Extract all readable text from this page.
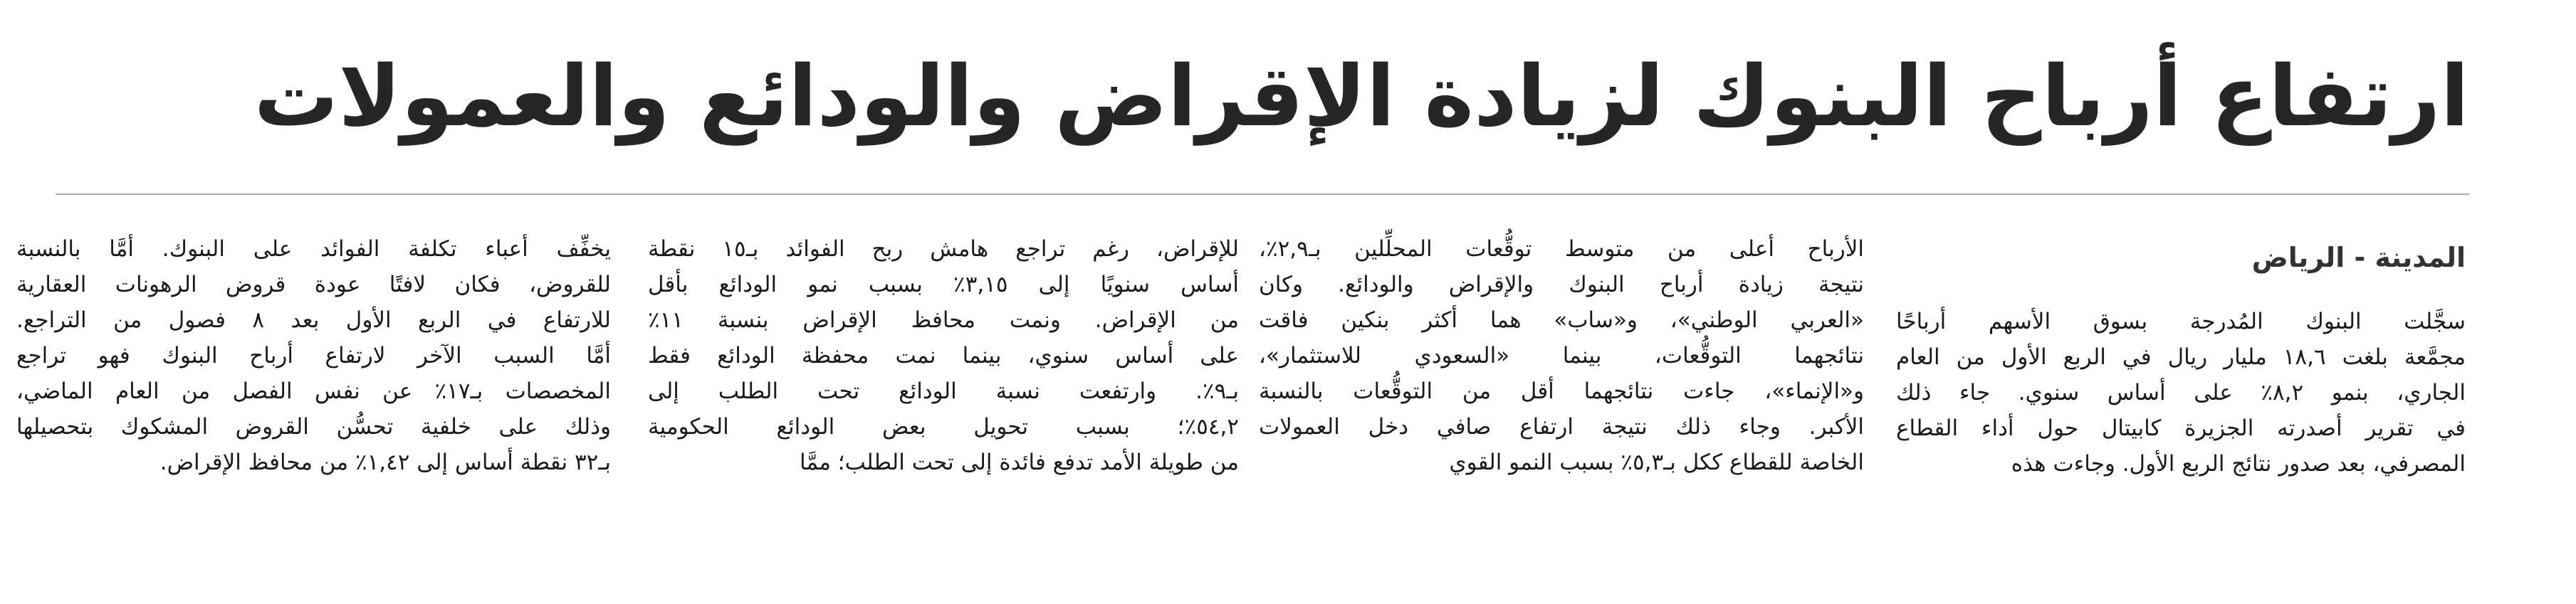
ارتفاع أرباح البنوك لزيادة الإقراض والودائع والعمولات
المدينة - الرياض

سجَّلت البنوك المُدرجة بسوق الأسهم أرباحًا

مجمَّعة بلغت ١٨,٦ مليار ريال في الربع الأول من العام

الجاري، بنمو ٨,٢٪ على أساس سنوي. جاء ذلك

في تقرير أصدرته الجزيرة كابيتال حول أداء القطاع

المصرفي، بعد صدور نتائج الربع الأول. وجاءت هذه

الأرباح أعلى من متوسط توقُّعات المحلِّلين بـ٢,٩٪،

نتيجة زيادة أرباح البنوك والإقراض والودائع. وكان

«العربي الوطني»، و«ساب» هما أكثر بنكين فاقت

نتائجهما التوقُّعات، بينما «السعودي للاستثمار»،

و«الإنماء»، جاءت نتائجهما أقل من التوقُّعات بالنسبة

الأكبر. وجاء ذلك نتيجة ارتفاع صافي دخل العمولات

الخاصة للقطاع ككل بـ٥,٣٪ بسبب النمو القوي

للإقراض، رغم تراجع هامش ربح الفوائد بـ١٥ نقطة

أساس سنويًا إلى ٣,١٥٪ بسبب نمو الودائع بأقل

من الإقراض. ونمت محافظ الإقراض بنسبة ١١٪

على أساس سنوي، بينما نمت محفظة الودائع فقط

بـ٩٪. وارتفعت نسبة الودائع تحت الطلب إلى

٥٤,٢٪؛ بسبب تحويل بعض الودائع الحكومية

من طويلة الأمد تدفع فائدة إلى تحت الطلب؛ ممَّا

يخفِّف أعباء تكلفة الفوائد على البنوك. أمَّا بالنسبة

للقروض، فكان لافتًا عودة قروض الرهونات العقارية

للارتفاع في الربع الأول بعد ٨ فصول من التراجع.

أمَّا السبب الآخر لارتفاع أرباح البنوك فهو تراجع

المخصصات بـ١٧٪ عن نفس الفصل من العام الماضي،

وذلك على خلفية تحسُّن القروض المشكوك بتحصيلها

بـ٣٢ نقطة أساس إلى ١,٤٢٪ من محافظ الإقراض.
